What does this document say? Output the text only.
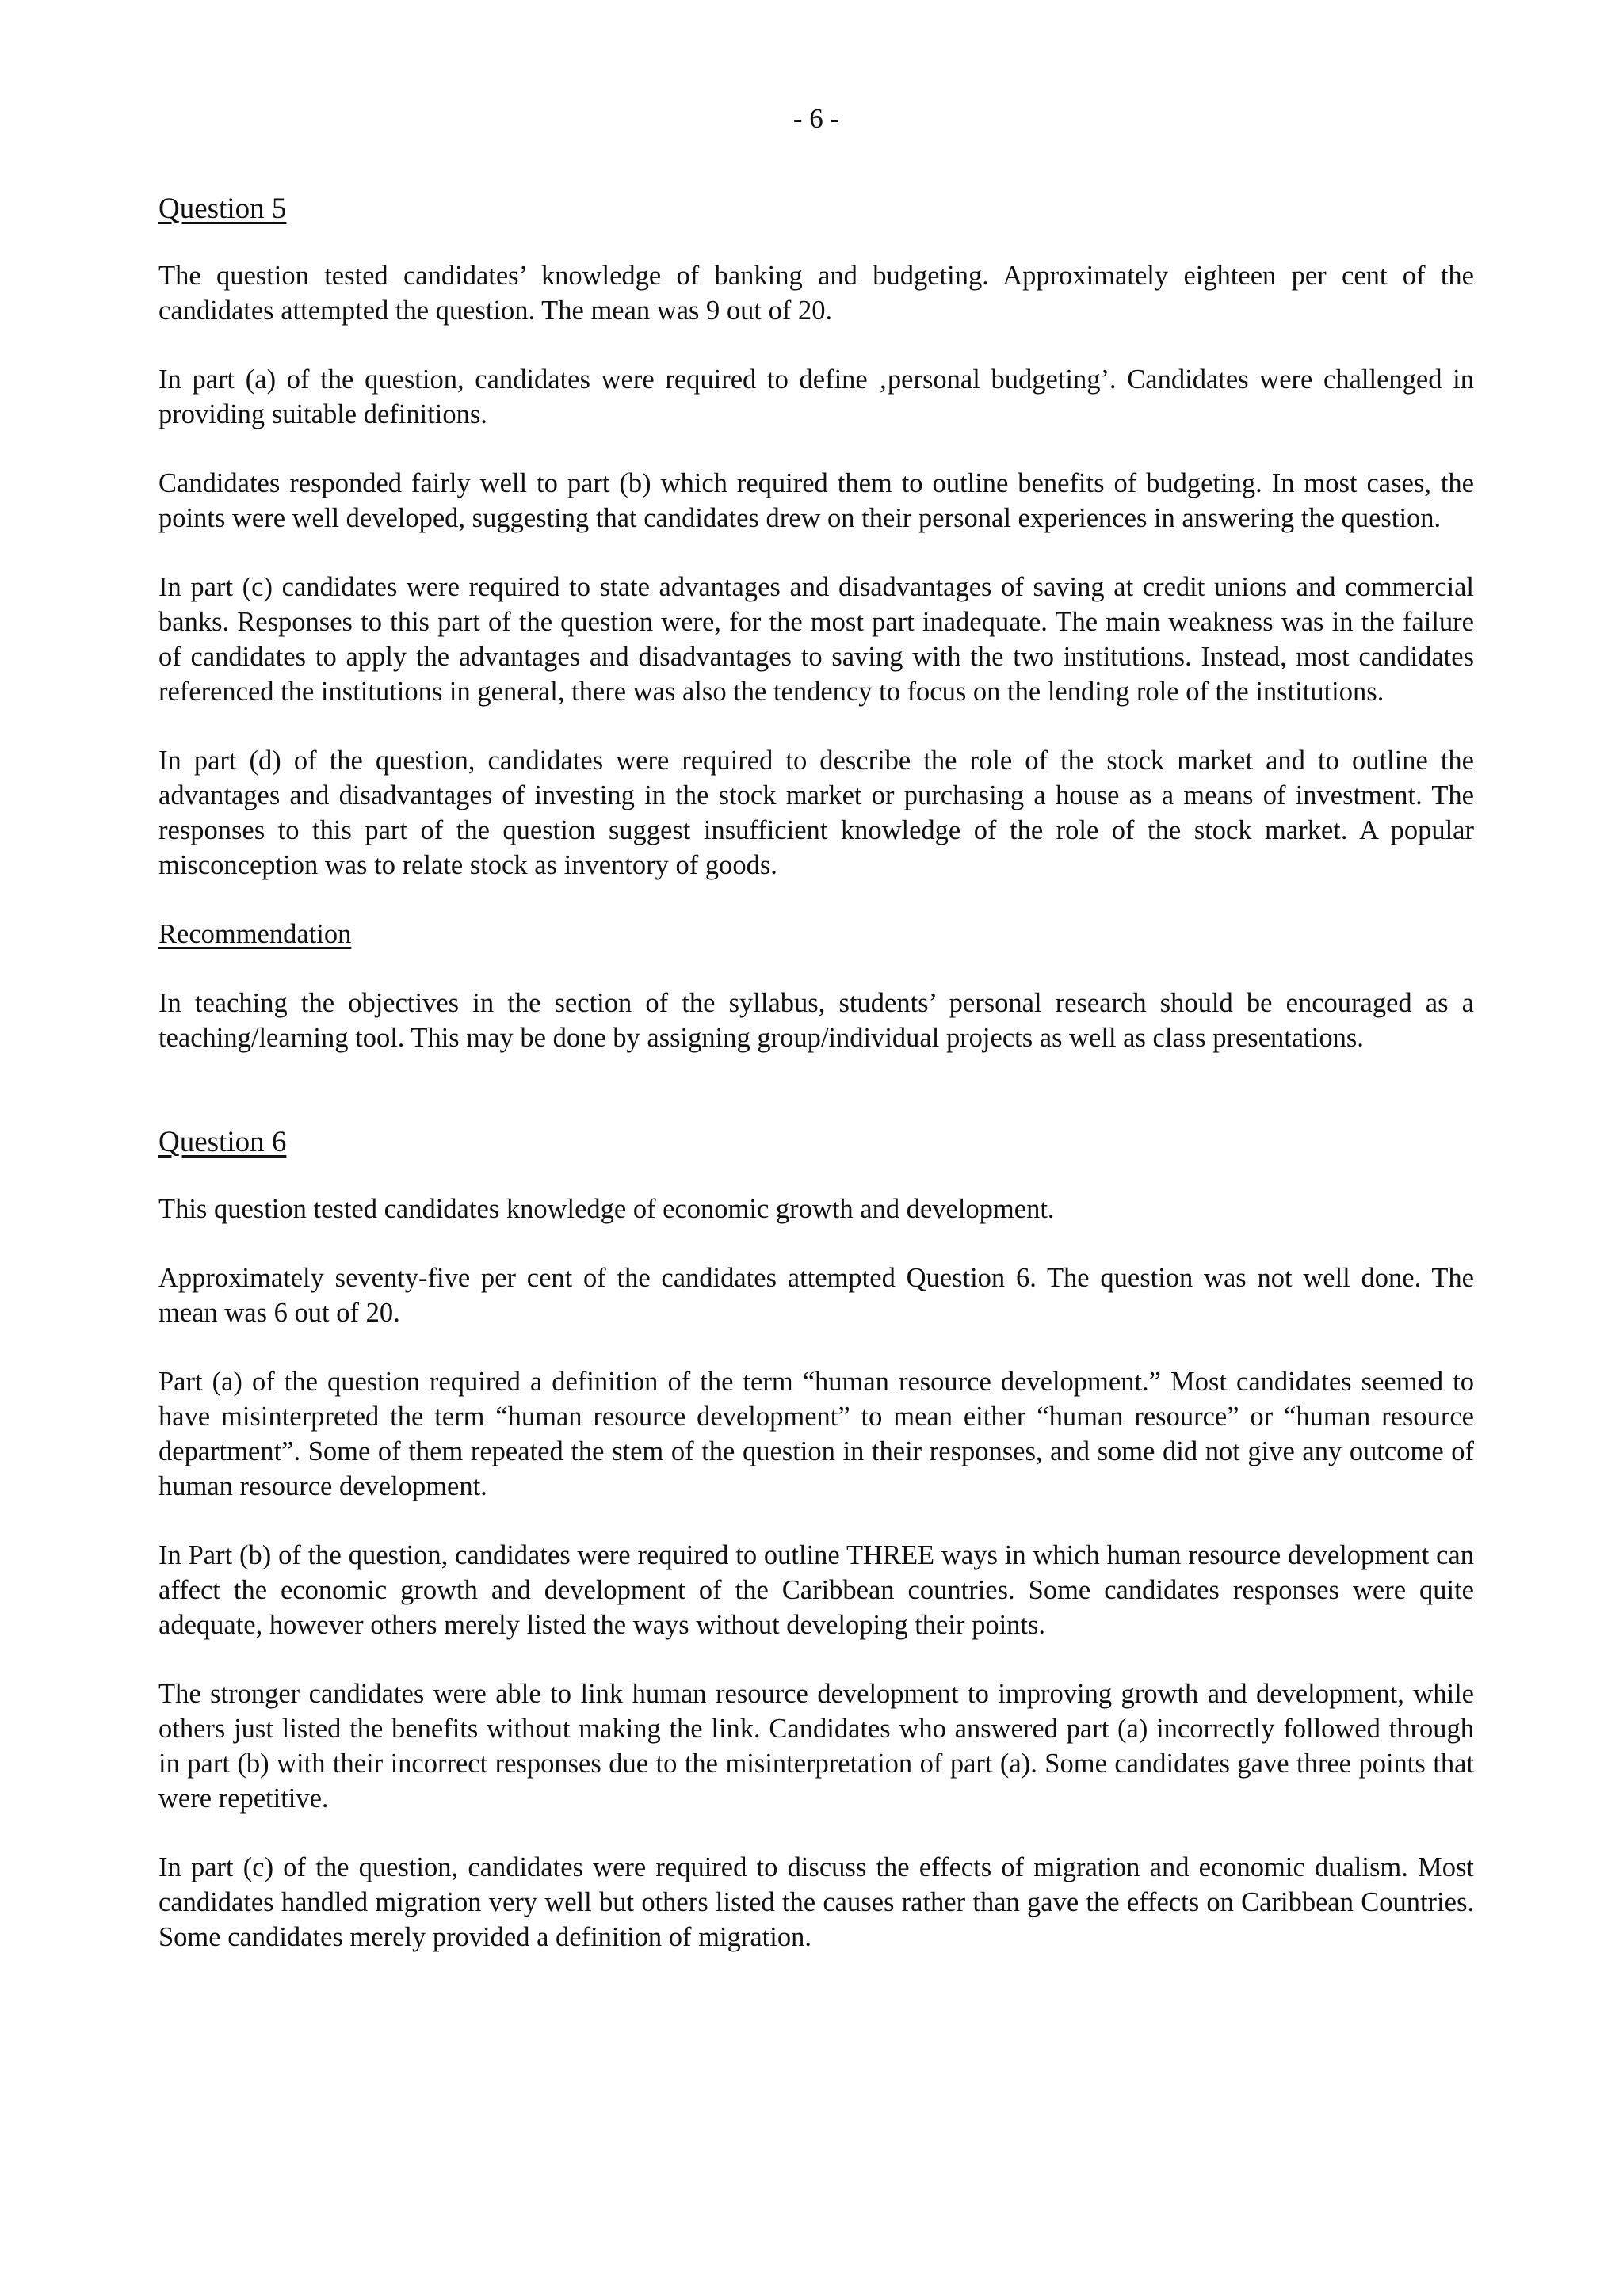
- 6 -
Question 5

The question tested candidates’ knowledge of banking and budgeting. Approximately eighteen per cent of the candidates attempted the question. The mean was 9 out of 20.

In part (a) of the question, candidates were required to define ‚personal budgeting’. Candidates were challenged in providing suitable definitions.

Candidates responded fairly well to part (b) which required them to outline benefits of budgeting. In most cases, the points were well developed, suggesting that candidates drew on their personal experiences in answering the question.

In part (c) candidates were required to state advantages and disadvantages of saving at credit unions and commercial banks. Responses to this part of the question were, for the most part inadequate. The main weakness was in the failure of candidates to apply the advantages and disadvantages to saving with the two institutions. Instead, most candidates referenced the institutions in general, there was also the tendency to focus on the lending role of the institutions.

In part (d) of the question, candidates were required to describe the role of the stock market and to outline the advantages and disadvantages of investing in the stock market or purchasing a house as a means of investment. The responses to this part of the question suggest insufficient knowledge of the role of the stock market. A popular misconception was to relate stock as inventory of goods.

Recommendation

In teaching the objectives in the section of the syllabus, students’ personal research should be encouraged as a teaching/learning tool. This may be done by assigning group/individual projects as well as class presentations.

Question 6

This question tested candidates knowledge of economic growth and development.

Approximately seventy-five per cent of the candidates attempted Question 6. The question was not well done. The mean was 6 out of 20.

Part (a) of the question required a definition of the term “human resource development.” Most candidates seemed to have misinterpreted the term “human resource development” to mean either “human resource” or “human resource department”. Some of them repeated the stem of the question in their responses, and some did not give any outcome of human resource development.

In Part (b) of the question, candidates were required to outline THREE ways in which human resource development can affect the economic growth and development of the Caribbean countries. Some candidates responses were quite adequate, however others merely listed the ways without developing their points.

The stronger candidates were able to link human resource development to improving growth and development, while others just listed the benefits without making the link. Candidates who answered part (a) incorrectly followed through in part (b) with their incorrect responses due to the misinterpretation of part (a). Some candidates gave three points that were repetitive.

In part (c) of the question, candidates were required to discuss the effects of migration and economic dualism. Most candidates handled migration very well but others listed the causes rather than gave the effects on Caribbean Countries. Some candidates merely provided a definition of migration.
